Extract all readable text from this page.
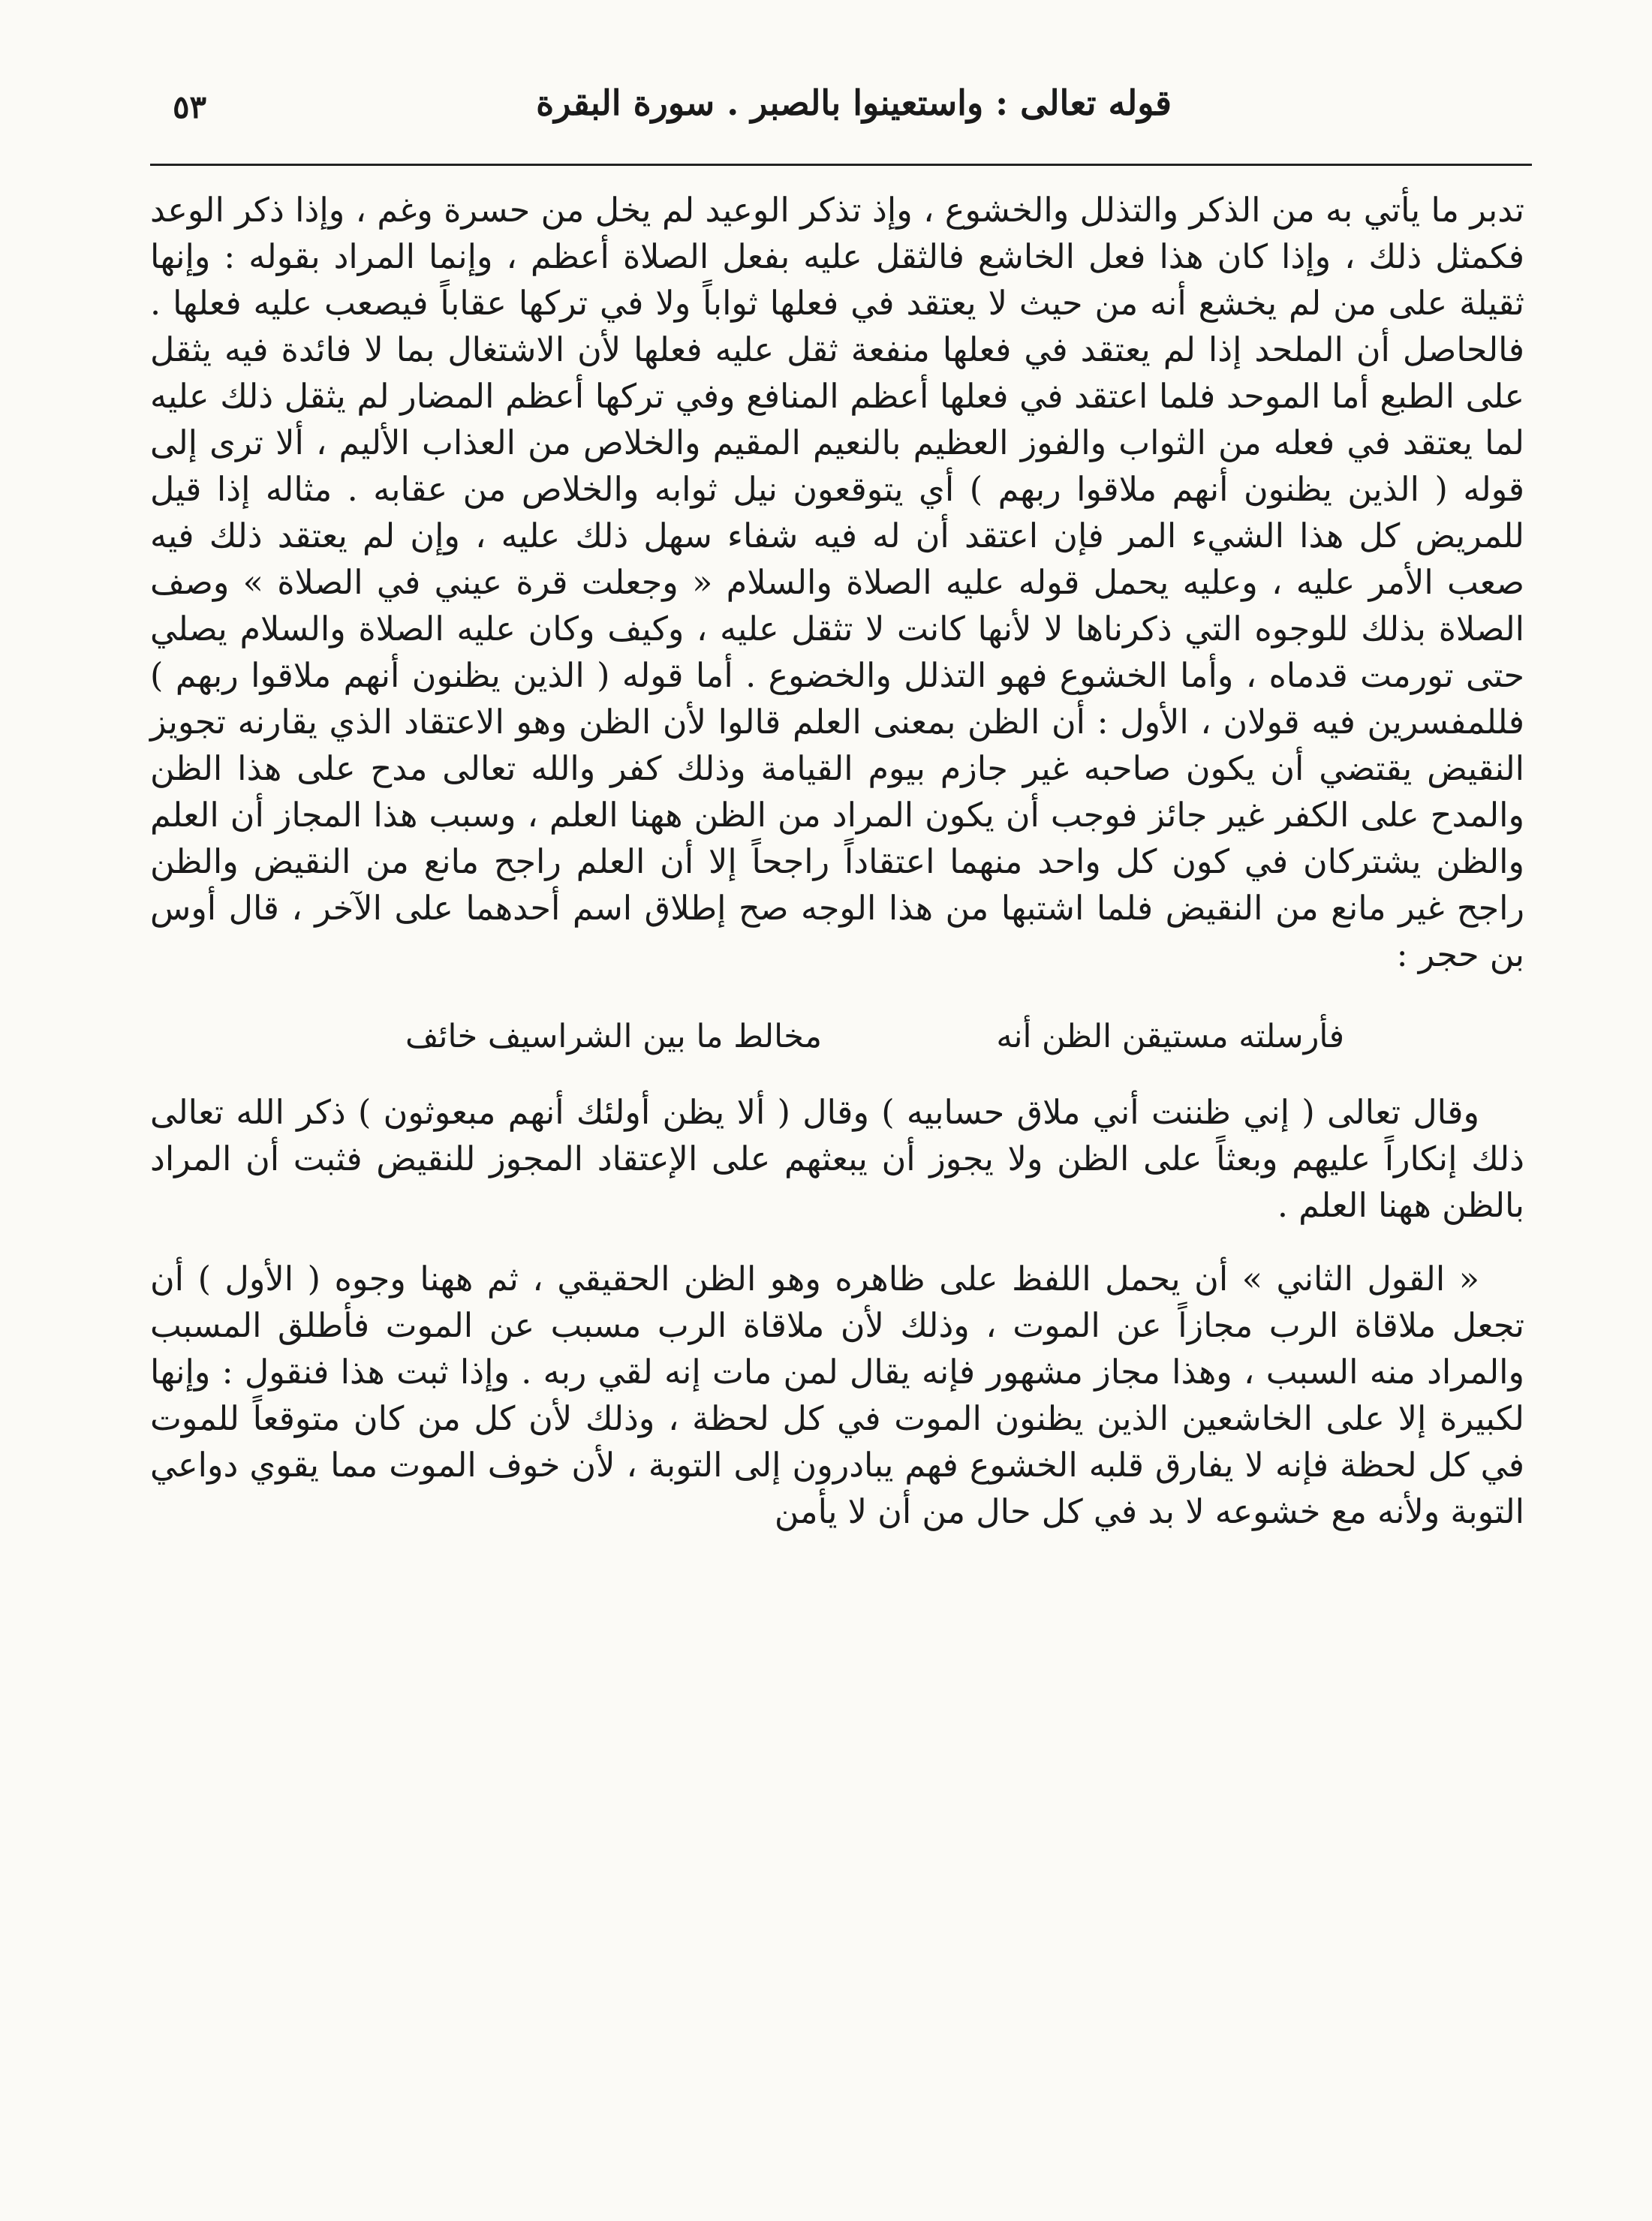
قوله تعالى : واستعينوا بالصبر . سورة البقرة
٥٣

تدبر ما يأتي به من الذكر والتذلل والخشوع ، وإذ تذكر الوعيد لم يخل من حسرة وغم ، وإذا ذكر الوعد فكمثل ذلك ، وإذا كان هذا فعل الخاشع فالثقل عليه بفعل الصلاة أعظم ، وإنما المراد بقوله : وإنها ثقيلة على من لم يخشع أنه من حيث لا يعتقد في فعلها ثواباً ولا في تركها عقاباً فيصعب عليه فعلها . فالحاصل أن الملحد إذا لم يعتقد في فعلها منفعة ثقل عليه فعلها لأن الاشتغال بما لا فائدة فيه يثقل على الطبع أما الموحد فلما اعتقد في فعلها أعظم المنافع وفي تركها أعظم المضار لم يثقل ذلك عليه لما يعتقد في فعله من الثواب والفوز العظيم بالنعيم المقيم والخلاص من العذاب الأليم ، ألا ترى إلى قوله ( الذين يظنون أنهم ملاقوا ربهم ) أي يتوقعون نيل ثوابه والخلاص من عقابه . مثاله إذا قيل للمريض كل هذا الشيء المر فإن اعتقد أن له فيه شفاء سهل ذلك عليه ، وإن لم يعتقد ذلك فيه صعب الأمر عليه ، وعليه يحمل قوله عليه الصلاة والسلام « وجعلت قرة عيني في الصلاة » وصف الصلاة بذلك للوجوه التي ذكرناها لا لأنها كانت لا تثقل عليه ، وكيف وكان عليه الصلاة والسلام يصلي حتى تورمت قدماه ، وأما الخشوع فهو التذلل والخضوع . أما قوله ( الذين يظنون أنهم ملاقوا ربهم ) فللمفسرين فيه قولان ، الأول : أن الظن بمعنى العلم قالوا لأن الظن وهو الاعتقاد الذي يقارنه تجويز النقيض يقتضي أن يكون صاحبه غير جازم بيوم القيامة وذلك كفر والله تعالى مدح على هذا الظن والمدح على الكفر غير جائز فوجب أن يكون المراد من الظن ههنا العلم ، وسبب هذا المجاز أن العلم والظن يشتركان في كون كل واحد منهما اعتقاداً راجحاً إلا أن العلم راجح مانع من النقيض والظن راجح غير مانع من النقيض فلما اشتبها من هذا الوجه صح إطلاق اسم أحدهما على الآخر ، قال أوس بن حجر :

فأرسلته مستيقن الظن أنه
مخالط ما بين الشراسيف خائف

وقال تعالى ( إني ظننت أني ملاق حسابيه ) وقال ( ألا يظن أولئك أنهم مبعوثون ) ذكر الله تعالى ذلك إنكاراً عليهم وبعثاً على الظن ولا يجوز أن يبعثهم على الإعتقاد المجوز للنقيض فثبت أن المراد بالظن ههنا العلم .

« القول الثاني » أن يحمل اللفظ على ظاهره وهو الظن الحقيقي ، ثم ههنا وجوه ( الأول ) أن تجعل ملاقاة الرب مجازاً عن الموت ، وذلك لأن ملاقاة الرب مسبب عن الموت فأطلق المسبب والمراد منه السبب ، وهذا مجاز مشهور فإنه يقال لمن مات إنه لقي ربه . وإذا ثبت هذا فنقول : وإنها لكبيرة إلا على الخاشعين الذين يظنون الموت في كل لحظة ، وذلك لأن كل من كان متوقعاً للموت في كل لحظة فإنه لا يفارق قلبه الخشوع فهم يبادرون إلى التوبة ، لأن خوف الموت مما يقوي دواعي التوبة ولأنه مع خشوعه لا بد في كل حال من أن لا يأمن
